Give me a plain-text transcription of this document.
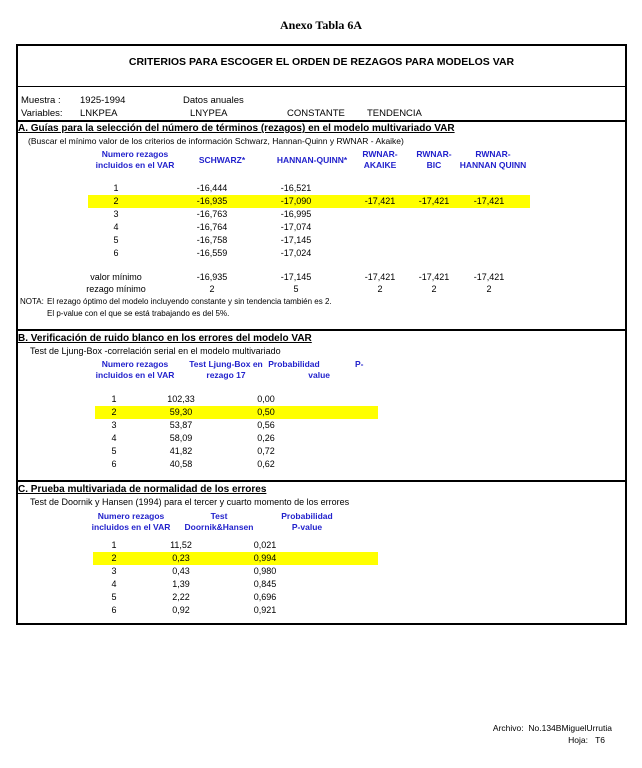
Anexo Tabla 6A
CRITERIOS PARA ESCOGER EL ORDEN DE REZAGOS PARA MODELOS VAR
Muestra : 1925-1994	Datos anuales
Variables: LNKPEA	LNYPEA	CONSTANTE TENDENCIA
A. Guías para la selección del número de términos (rezagos) en el modelo multivariado VAR
(Buscar el mínimo valor de los criterios de información Schwarz, Hannan-Quinn y RWNAR - Akaike)
Numero rezagos
incluidos en el VAR	SCHWARZ*	HANNAN-QUINN*
RWNAR-
AKAIKE
RWNAR-
BIC
RWNAR-
HANNAN QUINN
1	-16,444	-16,521
2	-16,935	-17,090	-17,421	-17,421	-17,421
3	-16,763	-16,995
4	-16,764	-17,074
5	-16,758	-17,145
6	-16,559	-17,024
valor mínimo	-16,935	-17,145	-17,421	-17,421	-17,421
rezago mínimo	2	5	2	2	2
NOTA: El rezago óptimo del modelo incluyendo constante y sin tendencia también es 2.
El p-value con el que se está trabajando es del 5%.
B. Verificación de ruido blanco en los errores del modelo VAR
Test de Ljung-Box -correlación serial en el modelo multivariado
Numero rezagos
incluidos en el VAR
Test Ljung-Box en
rezago 17
Probabilidad
value
P-
1	102,33	0,00
2	59,30	0,50
3	53,87	0,56
4	58,09	0,26
5	41,82	0,72
6	40,58	0,62
C. Prueba multivariada de normalidad de los errores
Test de Doornik y Hansen (1994) para el tercer y cuarto momento de los errores
Numero rezagos
incluidos en el VAR
Test
Doornik&Hansen
Probabilidad
P-value
1	11,52	0,021
2	0,23	0,994
3	0,43	0,980
4	1,39	0,845
5	2,22	0,696
6	0,92	0,921
Archivo: No.134BMiguelUrrutia
Hoja: T6
